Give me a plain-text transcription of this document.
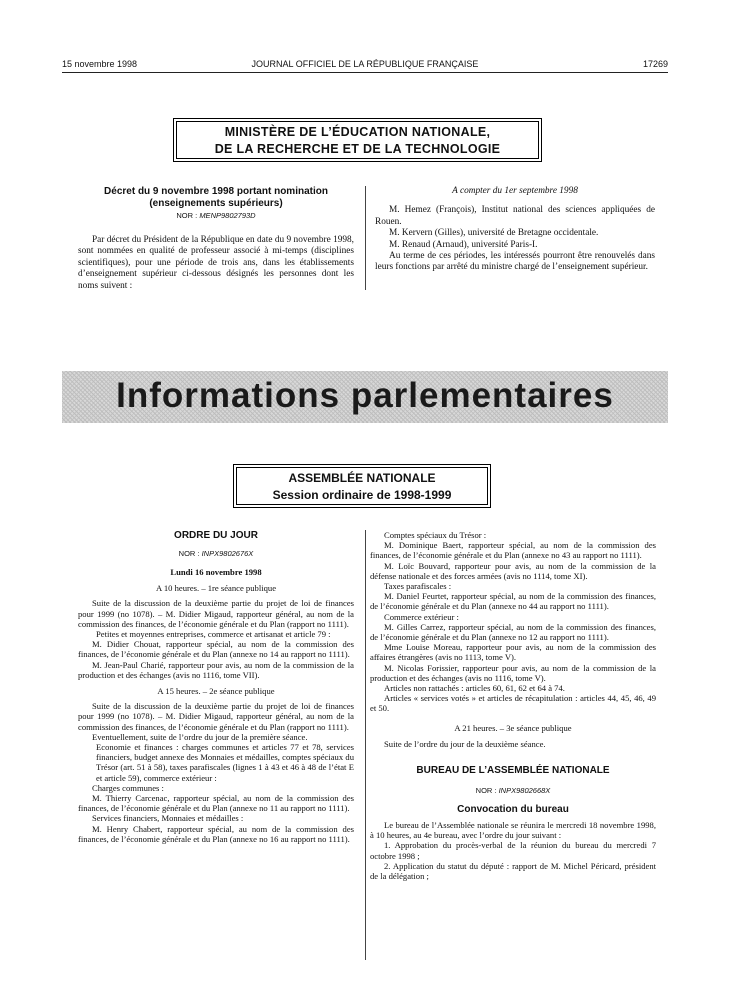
15 novembre 1998	JOURNAL OFFICIEL DE LA RÉPUBLIQUE FRANÇAISE	17269
MINISTÈRE DE L’ÉDUCATION NATIONALE,
DE LA RECHERCHE ET DE LA TECHNOLOGIE

Décret du 9 novembre 1998 portant nomination

(enseignements supérieurs)

NOR : MENP9802793D

Par décret du Président de la République en date du 9 novembre 1998, sont nommées en qualité de professeur associé à mi-temps (disciplines scientifiques), pour une période de trois ans, dans les établissements d’enseignement supérieur ci-dessous désignés les personnes dont les noms suivent :

A compter du 1er septembre 1998

M. Hemez (François), Institut national des sciences appliquées de Rouen.

M. Kervern (Gilles), université de Bretagne occidentale.

M. Renaud (Arnaud), université Paris-I.

Au terme de ces périodes, les intéressés pourront être renouvelés dans leurs fonctions par arrêté du ministre chargé de l’enseignement supérieur.

Informations parlementaires
ASSEMBLÉE NATIONALE
Session ordinaire de 1998-1999

ORDRE DU JOUR

NOR : INPX9802676X

Lundi 16 novembre 1998

A 10 heures. – 1re séance publique

Suite de la discussion de la deuxième partie du projet de loi de finances pour 1999 (no 1078). – M. Didier Migaud, rapporteur général, au nom de la commission des finances, de l’économie générale et du Plan (rapport no 1111).

Petites et moyennes entreprises, commerce et artisanat et article 79 :

M. Didier Chouat, rapporteur spécial, au nom de la commission des finances, de l’économie générale et du Plan (annexe no 14 au rapport no 1111).

M. Jean-Paul Charié, rapporteur pour avis, au nom de la commission de la production et des échanges (avis no 1116, tome VII).

A 15 heures. – 2e séance publique

Suite de la discussion de la deuxième partie du projet de loi de finances pour 1999 (no 1078). – M. Didier Migaud, rapporteur général, au nom de la commission des finances, de l’économie générale et du Plan (rapport no 1111).

Eventuellement, suite de l’ordre du jour de la première séance.

Economie et finances : charges communes et articles 77 et 78, services financiers, budget annexe des Monnaies et médailles, comptes spéciaux du Trésor (art. 51 à 58), taxes parafiscales (lignes 1 à 43 et 46 à 48 de l’état E et article 59), commerce extérieur :

Charges communes :

M. Thierry Carcenac, rapporteur spécial, au nom de la commission des finances, de l’économie générale et du Plan (annexe no 11 au rapport no 1111).

Services financiers, Monnaies et médailles :

M. Henry Chabert, rapporteur spécial, au nom de la commission des finances, de l’économie générale et du Plan (annexe no 16 au rapport no 1111).

Comptes spéciaux du Trésor :

M. Dominique Baert, rapporteur spécial, au nom de la commission des finances, de l’économie générale et du Plan (annexe no 43 au rapport no 1111).

M. Loïc Bouvard, rapporteur pour avis, au nom de la commission de la défense nationale et des forces armées (avis no 1114, tome XI).

Taxes parafiscales :

M. Daniel Feurtet, rapporteur spécial, au nom de la commission des finances, de l’économie générale et du Plan (annexe no 44 au rapport no 1111).

Commerce extérieur :

M. Gilles Carrez, rapporteur spécial, au nom de la commission des finances, de l’économie générale et du Plan (annexe no 12 au rapport no 1111).

Mme Louise Moreau, rapporteur pour avis, au nom de la commission des affaires étrangères (avis no 1113, tome V).

M. Nicolas Forissier, rapporteur pour avis, au nom de la commission de la production et des échanges (avis no 1116, tome V).

Articles non rattachés : articles 60, 61, 62 et 64 à 74.

Articles « services votés » et articles de récapitulation : articles 44, 45, 46, 49 et 50.

A 21 heures. – 3e séance publique

Suite de l’ordre du jour de la deuxième séance.

BUREAU DE L’ASSEMBLÉE NATIONALE

NOR : INPX9802668X

Convocation du bureau

Le bureau de l’Assemblée nationale se réunira le mercredi 18 novembre 1998, à 10 heures, au 4e bureau, avec l’ordre du jour suivant :

1. Approbation du procès-verbal de la réunion du bureau du mercredi 7 octobre 1998 ;

2. Application du statut du député : rapport de M. Michel Péricard, président de la délégation ;
